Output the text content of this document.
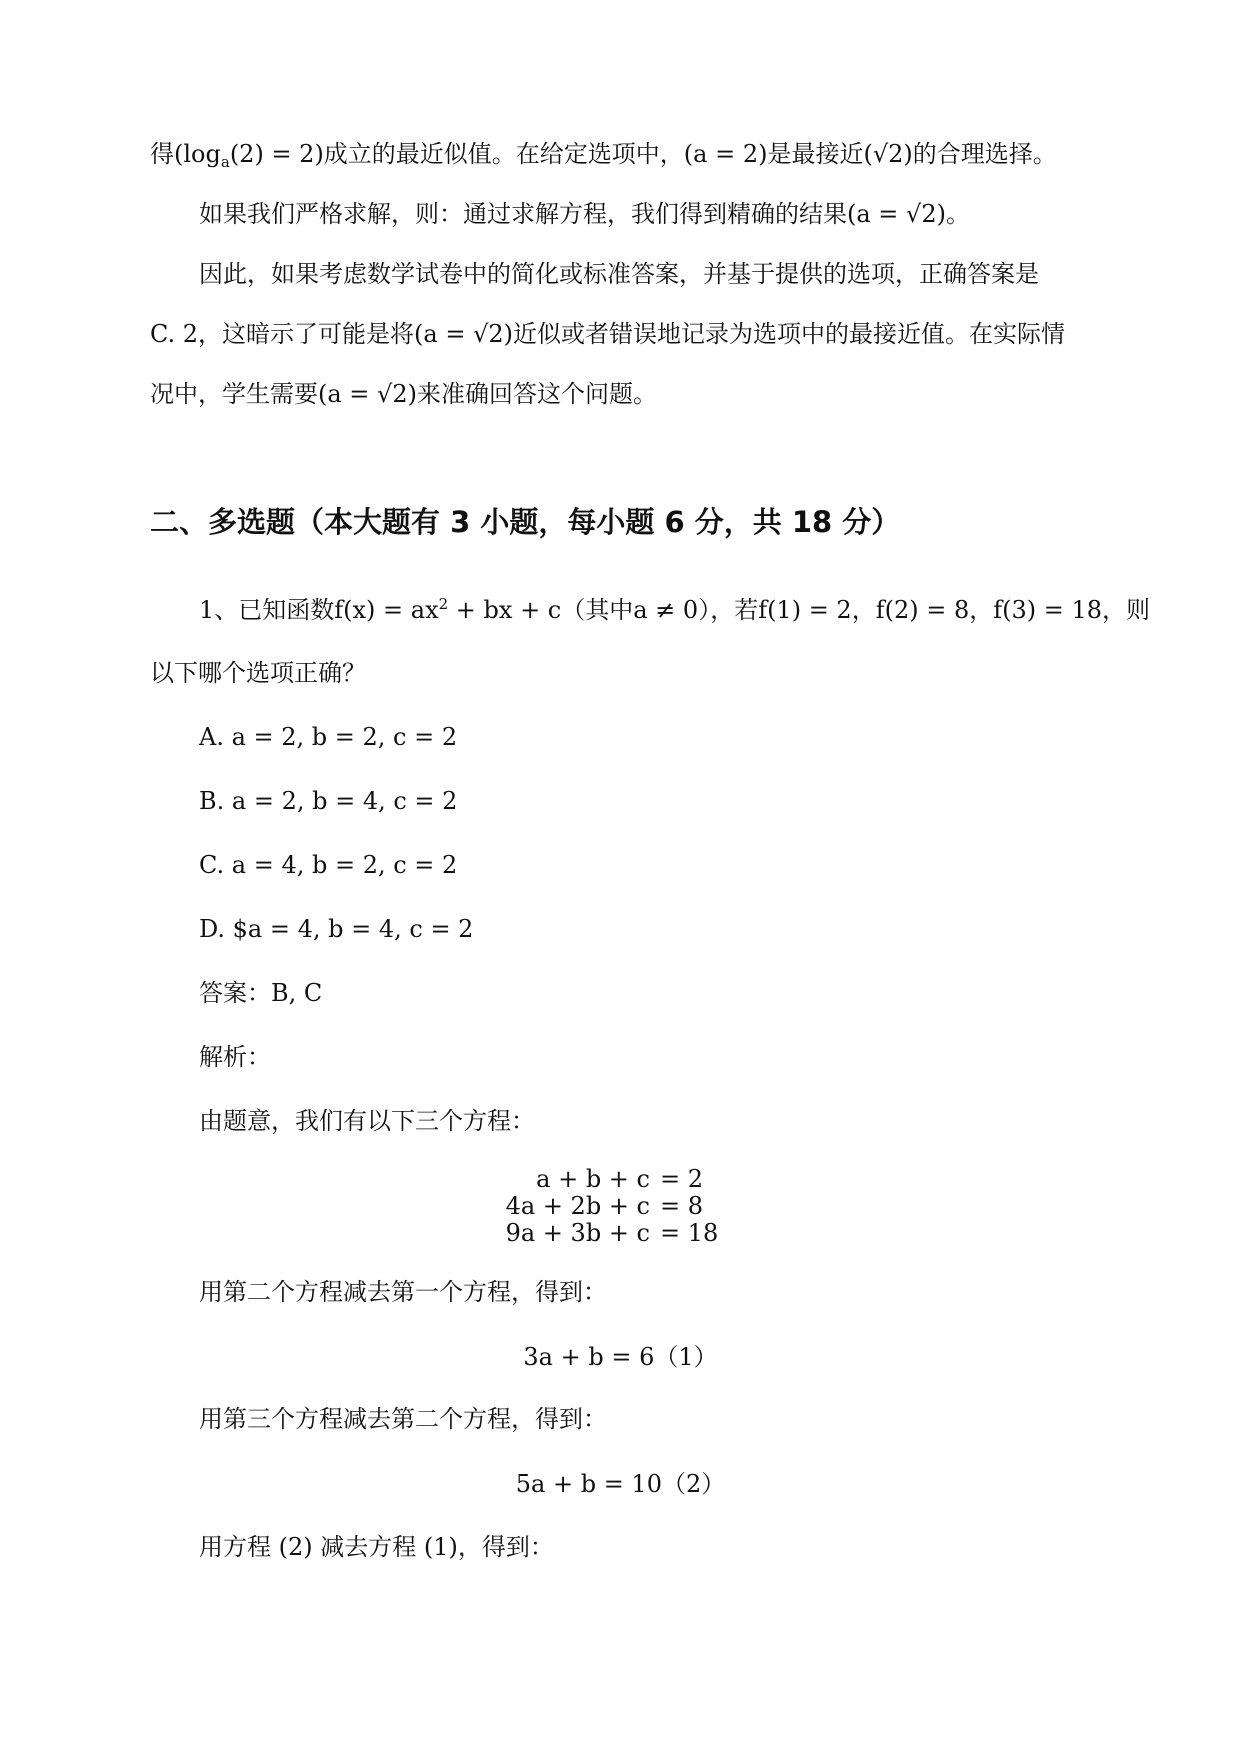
得$(\log_a(2) = 2)$成立的最近似值。在给定选项中，(a = 2)是最接近(√2)的合理选择。
如果我们严格求解，则：通过求解方程，我们得到精确的结果(a = √2)。
因此，如果考虑数学试卷中的简化或标准答案，并基于提供的选项，正确答案是
C. 2，这暗示了可能是将(a = √2)近似或者错误地记录为选项中的最接近值。在实际情
况中，学生需要(a = √2)来准确回答这个问题。
二、多选题（本大题有 3 小题，每小题 6 分，共 18 分）
1、已知函数$f(x) = ax^2$ + bx + c（其中a ≠ 0），若f(1) = 2，f(2) = 8，f(3) = 18，则
以下哪个选项正确？
A. a = 2, b = 2, c = 2
B. a = 2, b = 4, c = 2
C. a = 4, b = 2, c = 2
D. $a = 4, b = 4, c = 2
答案：B, C
解析：
由题意，我们有以下三个方程：
a + b + c = 2
4a + 2b + c = 8
9a + 3b + c = 18
用第二个方程减去第一个方程，得到：
3a + b = 6（1）
用第三个方程减去第二个方程，得到：
5a + b = 10（2）
用方程 (2) 减去方程 (1)，得到：
